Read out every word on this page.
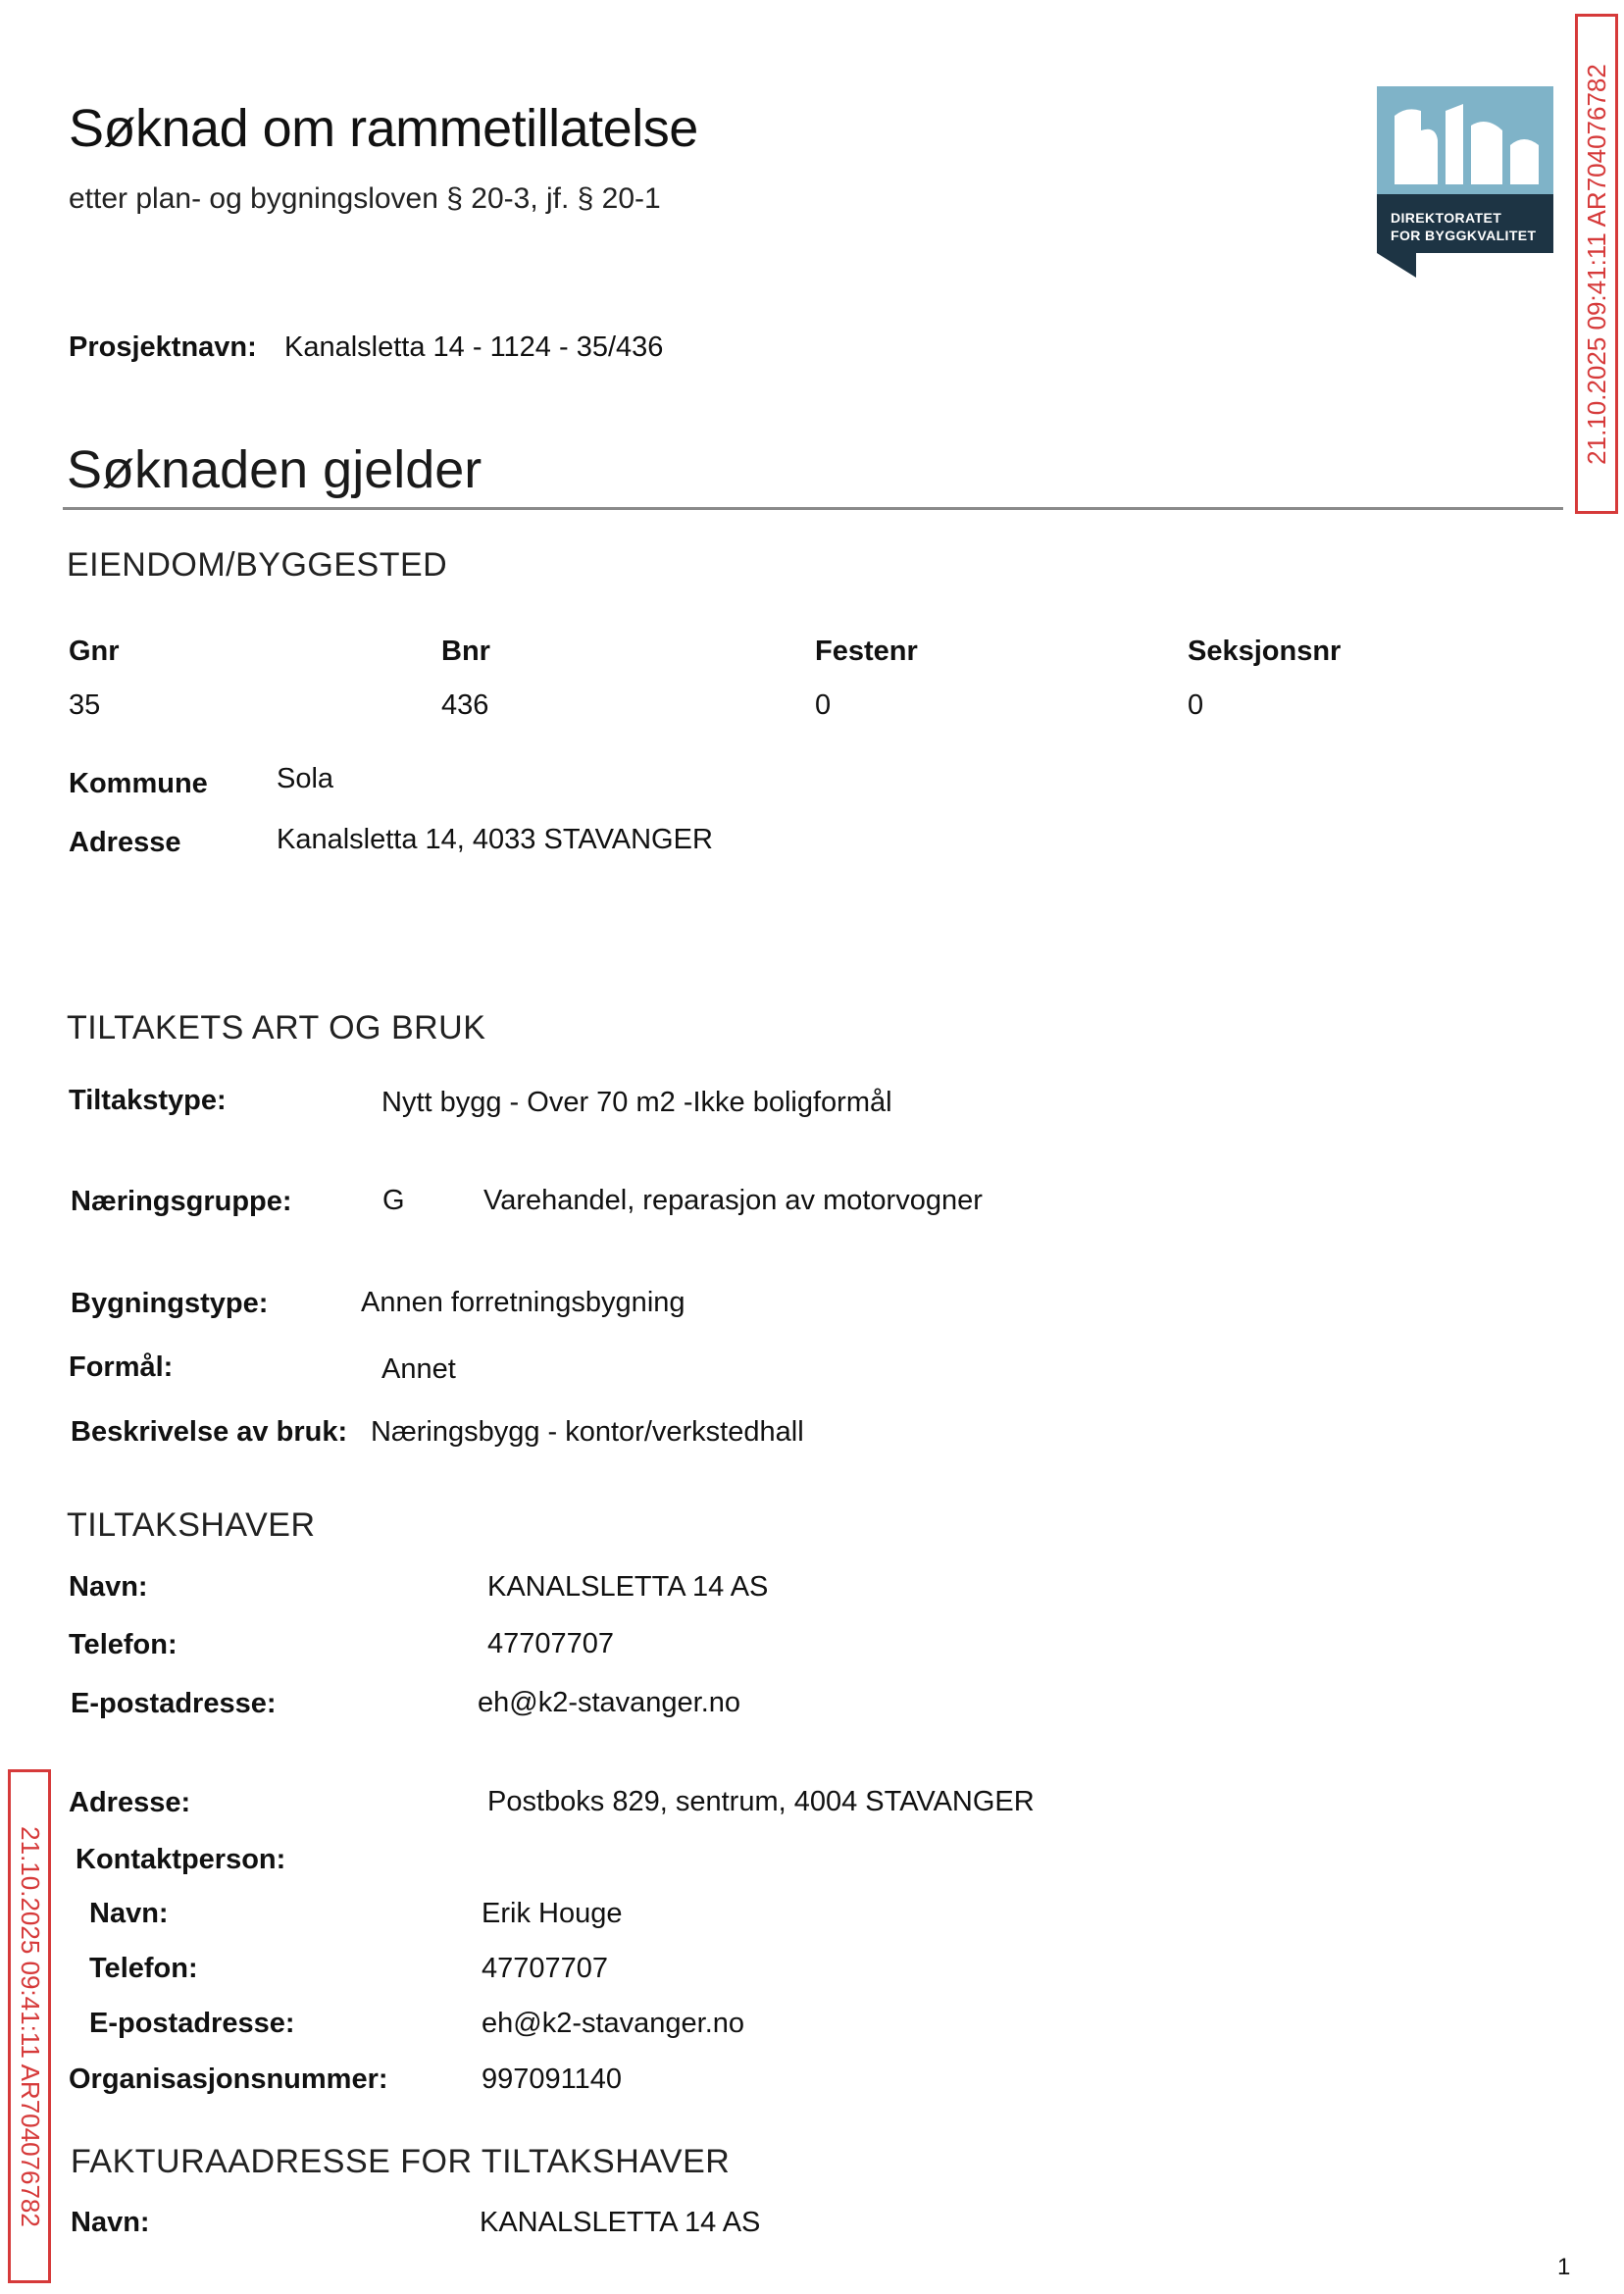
Søknad om rammetillatelse
etter plan- og bygningsloven § 20-3, jf. § 20-1
DIREKTORATET
FOR BYGGKVALITET 21.10.2025 09:41:11 AR704076782
Prosjektnavn: Kanalsletta 14 - 1124 - 35/436
Søknaden gjelder
EIENDOM/BYGGESTED
Gnr	Bnr	Festenr	Seksjonsnr
35	436	0	0
Kommune Sola
Adresse	Kanalsletta 14, 4033 STAVANGER
TILTAKETS ART OG BRUK
Tiltakstype:	Nytt bygg - Over 70 m2 -Ikke boligformål
Næringsgruppe:	G	Varehandel, reparasjon av motorvogner
Bygningstype:	Annen forretningsbygning
Formål:	Annet
Beskrivelse av bruk: Næringsbygg - kontor/verkstedhall
TILTAKSHAVER
Navn:	KANALSLETTA 14 AS
Telefon:	47707707
E-postadresse:	eh@k2-stavanger.no
Adresse:	Postboks 829, sentrum, 4004 STAVANGER
Kontaktperson:
Navn:	Erik Houge
Telefon:	47707707
E-postadresse:	eh@k2-stavanger.no
Organisasjonsnummer:	997091140
FAKTURAADRESSE FOR TILTAKSHAVER
Navn:	KANALSLETTA 14 AS
21.10.2025 09:41:11 AR704076782
1
